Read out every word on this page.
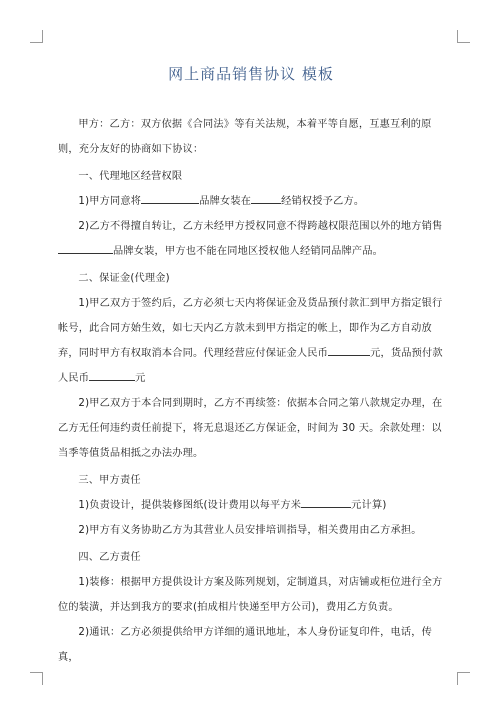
网上商品销售协议 模板

甲方：乙方：双方依据《合同法》等有关法规，本着平等自愿，互惠互利的原则，充分友好的协商如下协议：

一、代理地区经营权限

1)甲方同意将	品牌女装在	经销权授予乙方。

2)乙方不得擅自转让，乙方未经甲方授权同意不得跨越权限范围以外的地方销售品牌女装，甲方也不能在同地区授权他人经销同品牌产品。

二、保证金(代理金)

1)甲乙双方于签约后，乙方必须七天内将保证金及货品预付款汇到甲方指定银行帐号，此合同方始生效，如七天内乙方款未到甲方指定的帐上，即作为乙方自动放弃，同时甲方有权取消本合同。代理经营应付保证金人民币	元，货品预付款人民币	元

2)甲乙双方于本合同到期时，乙方不再续签：依据本合同之第八款规定办理，在乙方无任何违约责任前提下，将无息退还乙方保证金，时间为 30 天。余款处理：以当季等值货品相抵之办法办理。

三、甲方责任

1)负责设计，提供装修图纸(设计费用以每平方米	元计算)

2)甲方有义务协助乙方为其营业人员安排培训指导，相关费用由乙方承担。

四、乙方责任

1)装修：根据甲方提供设计方案及陈列规划，定制道具，对店铺或柜位进行全方位的装潢，并达到我方的要求(拍成相片快递至甲方公司)，费用乙方负责。

2)通讯：乙方必须提供给甲方详细的通讯地址，本人身份证复印件，电话，传真，
